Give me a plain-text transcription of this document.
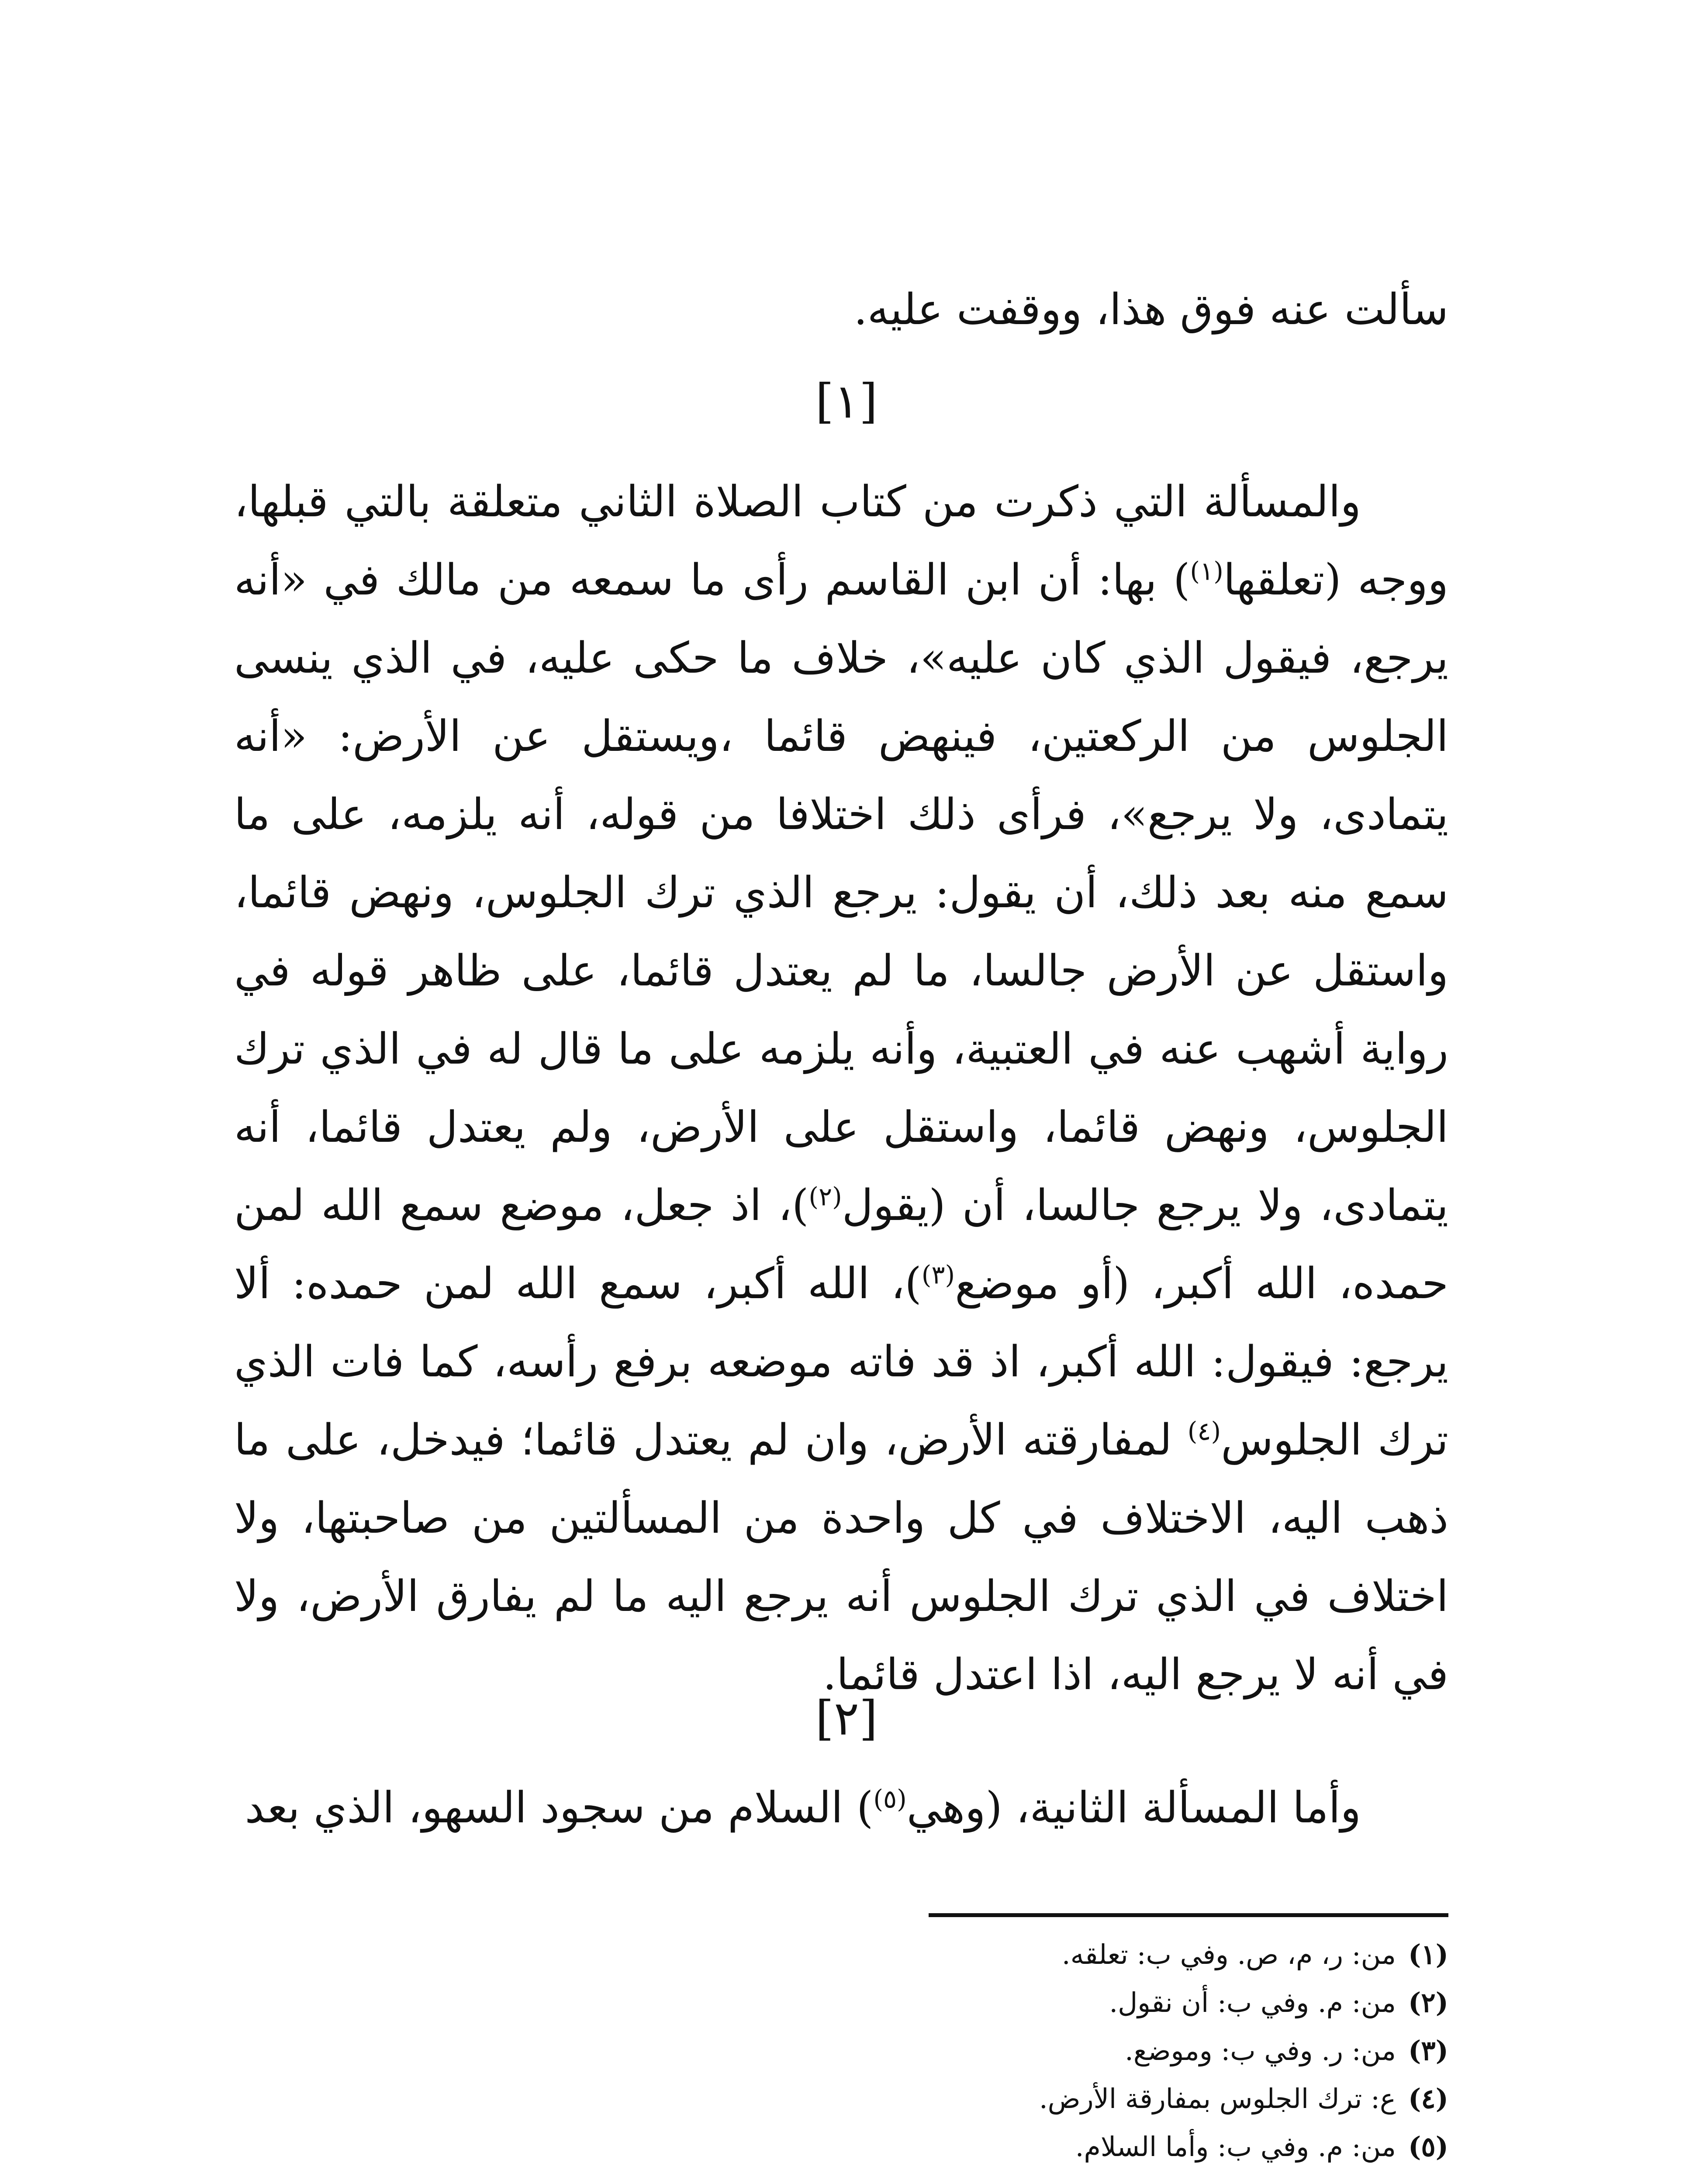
سألت عنه فوق هذا، ووقفت عليه.
[١]

والمسألة التي ذكرت من كتاب الصلاة الثاني متعلقة بالتي قبلها، ووجه (تعلقها$^{(١)}$) بها: أن ابن القاسم رأى ما سمعه من مالك في «أنه يرجع، فيقول الذي كان عليه»، خلاف ما حكى عليه، في الذي ينسى الجلوس من الركعتين، فينهض قائما ،ويستقل عن الأرض: «أنه يتمادى، ولا يرجع»، فرأى ذلك اختلافا من قوله، أنه يلزمه، على ما سمع منه بعد ذلك، أن يقول: يرجع الذي ترك الجلوس، ونهض قائما، واستقل عن الأرض جالسا، ما لم يعتدل قائما، على ظاهر قوله في رواية أشهب عنه في العتبية، وأنه يلزمه على ما قال له في الذي ترك الجلوس، ونهض قائما، واستقل على الأرض، ولم يعتدل قائما، أنه يتمادى، ولا يرجع جالسا، أن (يقول$^{(٢)}$)، اذ جعل، موضع سمع الله لمن حمده، الله أكبر، (أو موضع$^{(٣)}$)، الله أكبر، سمع الله لمن حمده: ألا يرجع: فيقول: الله أكبر، اذ قد فاته موضعه برفع رأسه، كما فات الذي ترك الجلوس$^{(٤)}$ لمفارقته الأرض، وان لم يعتدل قائما؛ فيدخل، على ما ذهب اليه، الاختلاف في كل واحدة من المسألتين من صاحبتها، ولا اختلاف في الذي ترك الجلوس أنه يرجع اليه ما لم يفارق الأرض، ولا في أنه لا يرجع اليه، اذا اعتدل قائما.

[٢]

وأما المسألة الثانية، (وهي$^{(٥)}$) السلام من سجود السهو، الذي بعد

(١)من: ر، م، ص. وفي ب: تعلقه.
(٢)من: م. وفي ب: أن نقول.
(٣)من: ر. وفي ب: وموضع.
(٤)ع: ترك الجلوس بمفارقة الأرض.
(٥)من: م. وفي ب: وأما السلام.
